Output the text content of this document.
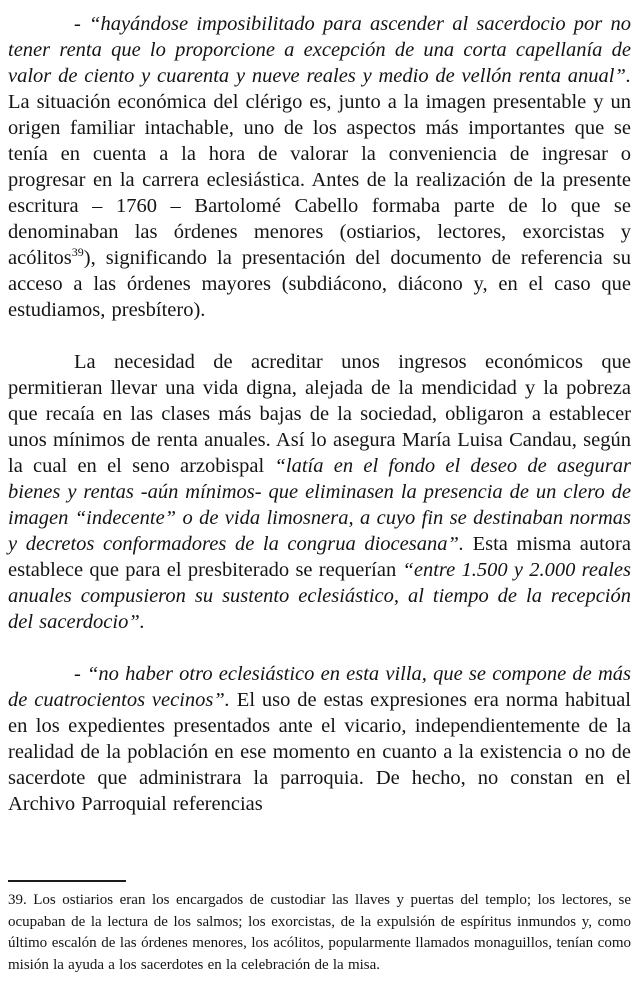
- “hayándose imposibilitado para ascender al sacerdocio por no tener renta que lo proporcione a excepción de una corta capellanía de valor de ciento y cuarenta y nueve reales y medio de vellón renta anual”. La situación económica del clérigo es, junto a la imagen presentable y un origen familiar intachable, uno de los aspectos más importantes que se tenía en cuenta a la hora de valorar la conveniencia de ingresar o progresar en la carrera eclesiástica. Antes de la realización de la presente escritura – 1760 – Bartolomé Cabello formaba parte de lo que se denominaban las órdenes menores (ostiarios, lectores, exorcistas y acólitos$^{39}$), significando la presentación del documento de referencia su acceso a las órdenes mayores (subdiácono, diácono y, en el caso que estudiamos, presbítero).

La necesidad de acreditar unos ingresos económicos que permitieran llevar una vida digna, alejada de la mendicidad y la pobreza que recaía en las clases más bajas de la sociedad, obligaron a establecer unos mínimos de renta anuales. Así lo asegura María Luisa Candau, según la cual en el seno arzobispal “latía en el fondo el deseo de asegurar bienes y rentas -aún mínimos- que eliminasen la presencia de un clero de imagen “indecente” o de vida limosnera, a cuyo fin se destinaban normas y decretos conformadores de la congrua diocesana”. Esta misma autora establece que para el presbiterado se requerían “entre 1.500 y 2.000 reales anuales compusieron su sustento eclesiástico, al tiempo de la recepción del sacerdocio”.

- “no haber otro eclesiástico en esta villa, que se compone de más de cuatrocientos vecinos”. El uso de estas expresiones era norma habitual en los expedientes presentados ante el vicario, independientemente de la realidad de la población en ese momento en cuanto a la existencia o no de sacerdote que administrara la parroquia. De hecho, no constan en el Archivo Parroquial referencias

39. Los ostiarios eran los encargados de custodiar las llaves y puertas del templo; los lectores, se ocupaban de la lectura de los salmos; los exorcistas, de la expulsión de espíritus inmundos y, como último escalón de las órdenes menores, los acólitos, popularmente llamados monaguillos, tenían como misión la ayuda a los sacerdotes en la celebración de la misa.
